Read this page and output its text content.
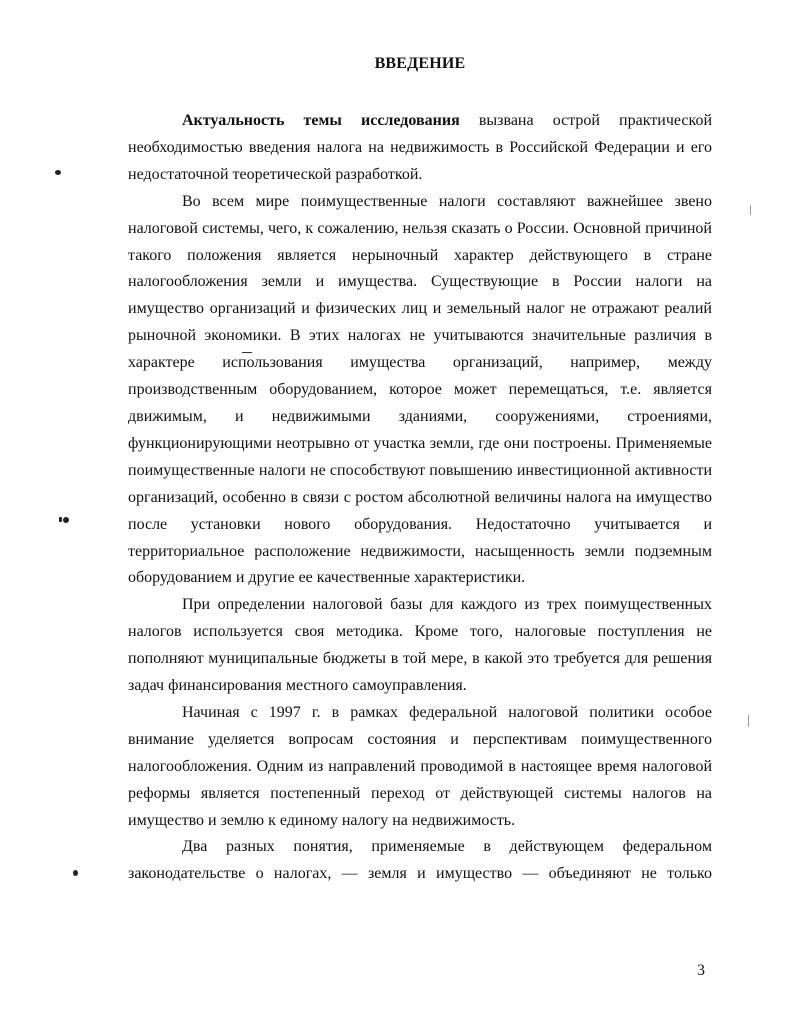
ВВЕДЕНИЕ

Актуальность темы исследования вызвана острой практической необходимостью введения налога на недвижимость в Российской Федерации и его недостаточной теоретической разработкой.

Во всем мире поимущественные налоги составляют важнейшее звено налоговой системы, чего, к сожалению, нельзя сказать о России. Основной причиной такого положения является нерыночный характер действующего в стране налогообложения земли и имущества. Существующие в России налоги на имущество организаций и физических лиц и земельный налог не отражают реалий рыночной экономики. В этих налогах не учитываются значительные различия в характере использования имущества организаций, например, между производственным оборудованием, которое может перемещаться, т.е. является движимым, и недвижимыми зданиями, сооружениями, строениями, функционирующими неотрывно от участка земли, где они построены. Применяемые поимущественные налоги не способствуют повышению инвестиционной активности организаций, особенно в связи с ростом абсолютной величины налога на имущество после установки нового оборудования. Недостаточно учитывается и территориальное расположение недвижимости, насыщенность земли подземным оборудованием и другие ее качественные характеристики.

При определении налоговой базы для каждого из трех поимущественных налогов используется своя методика. Кроме того, налоговые поступления не пополняют муниципальные бюджеты в той мере, в какой это требуется для решения задач финансирования местного самоуправления.

Начиная с 1997 г. в рамках федеральной налоговой политики особое внимание уделяется вопросам состояния и перспективам поимущественного налогообложения. Одним из направлений проводимой в настоящее время налоговой реформы является постепенный переход от действующей системы налогов на имущество и землю к единому налогу на недвижимость.

Два разных понятия, применяемые в действующем федеральном законодательстве о налогах, — земля и имущество — объединяют не только

3
